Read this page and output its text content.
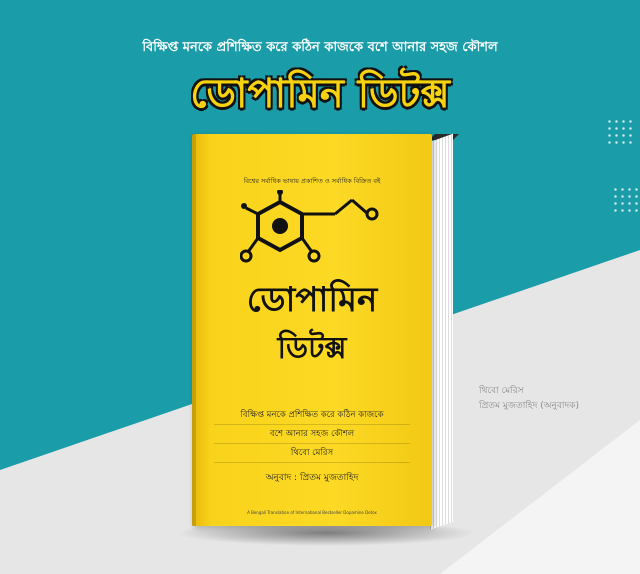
বিক্ষিপ্ত মনকে প্রশিক্ষিত করে কঠিন কাজকে বশে আনার সহজ কৌশল
ডোপামিন ডিটক্স
বিশ্বের সর্বাধিক ভাষায় প্রকাশিত ও সর্বাধিক বিক্রিত বই
ডোপামিন
ডিটক্স
বিক্ষিপ্ত মনকে প্রশিক্ষিত করে কঠিন কাজকে
বশে আনার সহজ কৌশল
থিবো মেরিস
অনুবাদ : প্রিতম মুজতাহিদ
A Bengali Translation of International Bestseller Dopamine Detox
থিবো মেরিস
প্রিতম মুজতাহিদ (অনুবাদক)
